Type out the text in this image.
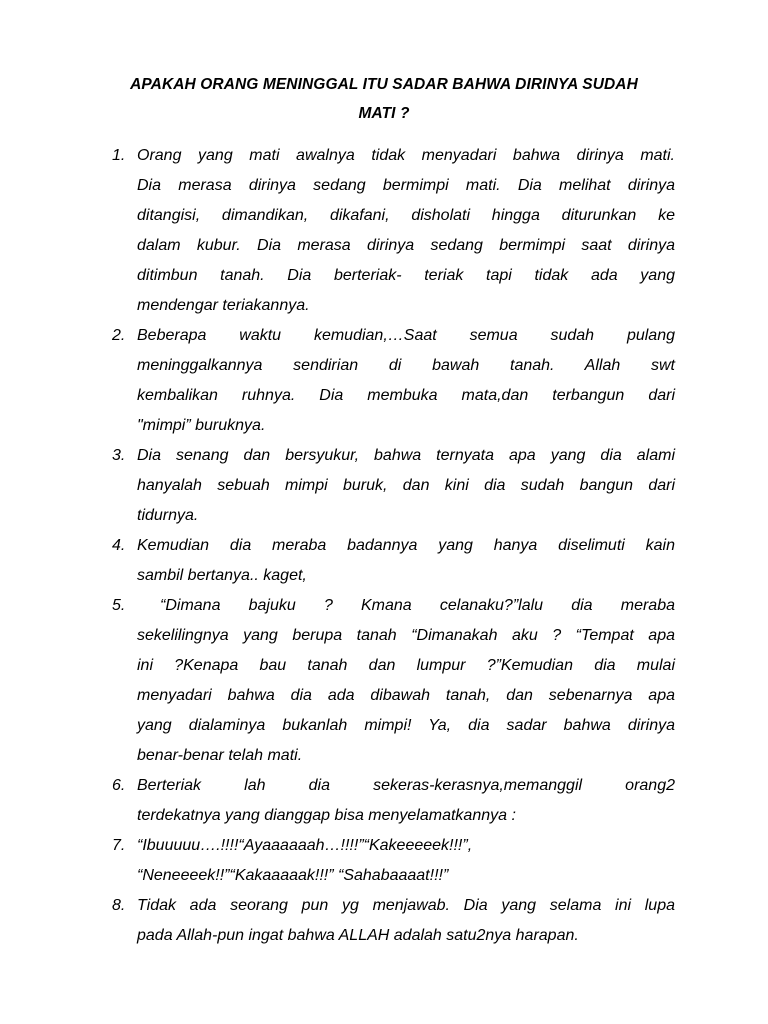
APAKAH ORANG MENINGGAL ITU SADAR BAHWA DIRINYA SUDAH
MATI ?
1. Orang yang mati awalnya tidak menyadari bahwa dirinya mati.
Dia merasa dirinya sedang bermimpi mati. Dia melihat dirinya
ditangisi, dimandikan, dikafani, disholati hingga diturunkan ke
dalam kubur. Dia merasa dirinya sedang bermimpi saat dirinya
ditimbun tanah. Dia berteriak- teriak tapi tidak ada yang
mendengar teriakannya.
2. Beberapa waktu kemudian,…Saat semua sudah pulang
meninggalkannya sendirian di bawah tanah. Allah swt
kembalikan ruhnya. Dia membuka mata,dan terbangun dari
"mimpi” buruknya.
3. Dia senang dan bersyukur, bahwa ternyata apa yang dia alami
hanyalah sebuah mimpi buruk, dan kini dia sudah bangun dari
tidurnya.
4. Kemudian dia meraba badannya yang hanya diselimuti kain
sambil bertanya.. kaget,
5. “Dimana bajuku ? Kmana celanaku?”lalu dia meraba
sekelilingnya yang berupa tanah “Dimanakah aku ? “Tempat apa
ini ?Kenapa bau tanah dan lumpur ?”Kemudian dia mulai
menyadari bahwa dia ada dibawah tanah, dan sebenarnya apa
yang dialaminya bukanlah mimpi! Ya, dia sadar bahwa dirinya
benar-benar telah mati.
6. Berteriak lah dia sekeras-kerasnya,memanggil orang2
terdekatnya yang dianggap bisa menyelamatkannya :
7. “Ibuuuuu….!!!!“Ayaaaaaah…!!!!”“Kakeeeeek!!!”,
“Neneeeek!!”“Kakaaaaak!!!” “Sahabaaaat!!!”
8. Tidak ada seorang pun yg menjawab. Dia yang selama ini lupa
pada Allah-pun ingat bahwa ALLAH adalah satu2nya harapan.
